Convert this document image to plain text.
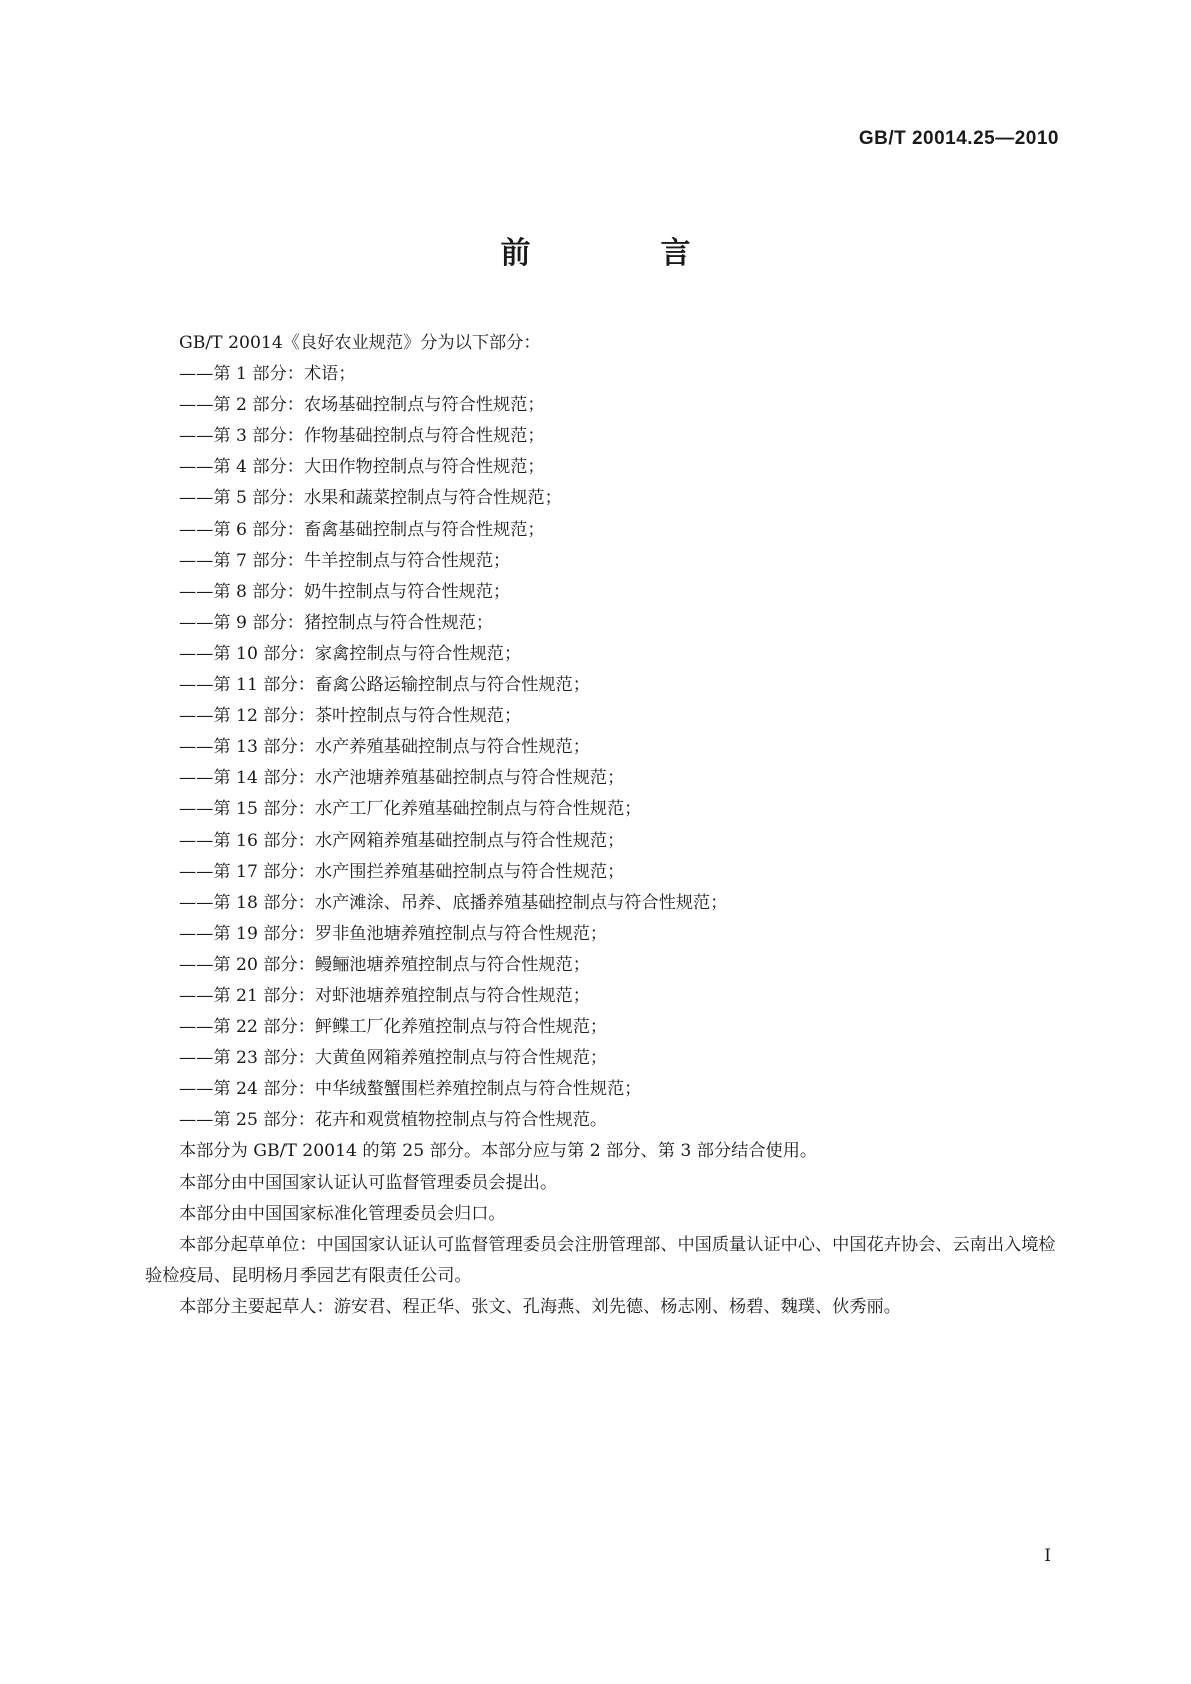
GB/T 20014.25—2010
前　言

GB/T 20014《良好农业规范》分为以下部分：

——第 1 部分：术语；

——第 2 部分：农场基础控制点与符合性规范；

——第 3 部分：作物基础控制点与符合性规范；

——第 4 部分：大田作物控制点与符合性规范；

——第 5 部分：水果和蔬菜控制点与符合性规范；

——第 6 部分：畜禽基础控制点与符合性规范；

——第 7 部分：牛羊控制点与符合性规范；

——第 8 部分：奶牛控制点与符合性规范；

——第 9 部分：猪控制点与符合性规范；

——第 10 部分：家禽控制点与符合性规范；

——第 11 部分：畜禽公路运输控制点与符合性规范；

——第 12 部分：茶叶控制点与符合性规范；

——第 13 部分：水产养殖基础控制点与符合性规范；

——第 14 部分：水产池塘养殖基础控制点与符合性规范；

——第 15 部分：水产工厂化养殖基础控制点与符合性规范；

——第 16 部分：水产网箱养殖基础控制点与符合性规范；

——第 17 部分：水产围拦养殖基础控制点与符合性规范；

——第 18 部分：水产滩涂、吊养、底播养殖基础控制点与符合性规范；

——第 19 部分：罗非鱼池塘养殖控制点与符合性规范；

——第 20 部分：鳗鲡池塘养殖控制点与符合性规范；

——第 21 部分：对虾池塘养殖控制点与符合性规范；

——第 22 部分：鲆鲽工厂化养殖控制点与符合性规范；

——第 23 部分：大黄鱼网箱养殖控制点与符合性规范；

——第 24 部分：中华绒螯蟹围栏养殖控制点与符合性规范；

——第 25 部分：花卉和观赏植物控制点与符合性规范。

本部分为 GB/T 20014 的第 25 部分。本部分应与第 2 部分、第 3 部分结合使用。

本部分由中国国家认证认可监督管理委员会提出。

本部分由中国国家标准化管理委员会归口。

本部分起草单位：中国国家认证认可监督管理委员会注册管理部、中国质量认证中心、中国花卉协会、云南出入境检验检疫局、昆明杨月季园艺有限责任公司。

本部分主要起草人：游安君、程正华、张文、孔海燕、刘先德、杨志刚、杨碧、魏璞、伙秀丽。

I
